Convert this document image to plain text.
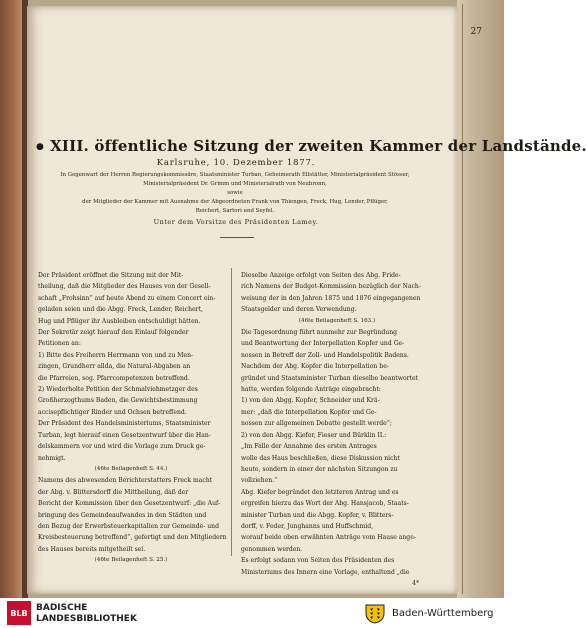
27
● XIII. öffentliche Sitzung der zweiten Kammer der Landstände.
Karlsruhe, 10. Dezember 1877.
In Gegenwart der Herren Regierungskommissäre, Staatsminister Turban, Geheimerath Ellstätter, Ministerialpräsident Stösser,
Ministerialpräsident Dr. Grimm und Ministerialrath von Neubronn,
sowie
der Mitglieder der Kammer mit Ausnahme der Abgeordneten Frank von Thiengen, Freck, Hug, Lender, Pflüger,
Reichert, Sartori und Seyfel.
Unter dem Vorsitze des Präsidenten Lamey.

Der Präsident eröffnet die Sitzung mit der Mit-

theilung, daß die Mitglieder des Hauses von der Gesell-

schaft „Frohsinn“ auf heute Abend zu einem Concert ein-

geladen seien und die Abgg. Freck, Lender, Reichert,

Hug und Pflüger ihr Ausbleiben entschuldigt hätten.

Der Sekretär zeigt hierauf den Einlauf folgender

Petitionen an:

1) Bitte des Freiherrn Herrmann von und zu Men-

zingen, Grundherr allda, die Natural-Abgaben an

die Pfarreien, sog. Pfarrcompetenzen betreffend.

2) Wiederholte Petition der Schmalviehmetzger des

Großherzogthums Baden, die Gewichtsbestimmung

accisepflichtiger Rinder und Ochsen betreffend.

Der Präsident des Handelsministeriums, Staatsminister

Turban, legt hierauf einen Gesetzentwurf über die Han-

delskammern vor und wird die Vorlage zum Druck ge-

nehmigt.

(46te Beilagenheft S. 44.)

Namens des abwesenden Berichterstatters Freck macht

der Abg. v. Blittersdorff die Mittheilung, daß der

Bericht der Kommission über den Gesetzentwurf: „die Auf-

bringung des Gemeindeaufwandes in den Städten und

den Bezug der Erwerbsteuerkapitalien zur Gemeinde- und

Kreisbesteuerung betreffend“, gefertigt und den Mitgliedern

des Hauses bereits mitgetheilt sei.

(46te Beilagenheft S. 25.)

Dieselbe Anzeige erfolgt von Seiten des Abg. Fride-

rich Namens der Budget-Kommission bezüglich der Nach-

weisung der in den Jahren 1875 und 1876 eingegangenen

Staatsgelder und deren Verwendung.

(46te Beilagenheft S. 163.)

Die Tagesordnung führt nunmehr zur Begründung

und Beantwortung der Interpellation Kopfer und Ge-

nossen in Betreff der Zoll- und Handelspolitik Badens.

Nachdem der Abg. Kopfer die Interpellation be-

gründet und Staatsminister Turban dieselbe beantwortet

hatte, werden folgende Anträge eingebracht:

1) von den Abgg. Kopfer, Schneider und Krä-

mer: „daß die Interpellation Kopfer und Ge-

nossen zur allgemeinen Debatte gestellt werde“;

2) von den Abgg. Kiefer, Fieser und Bürklin II.:

„Im Falle der Annahme des ersten Antrages

wolle das Haus beschließen, diese Diskussion nicht

heute, sondern in einer der nächsten Sitzungen zu

vollziehen.“

Abg. Kiefer begründet den letzteren Antrag und es

ergreifen hierzu das Wort der Abg. Hansjacob, Staats-

minister Turban und die Abgg. Kopfer, v. Blitters-

dorff, v. Feder, Junghanns und Huffschmid,

worauf beide oben erwähnten Anträge vom Hause ange-

genommen werden.

Es erfolgt sodann von Seiten des Präsidenten des

Ministeriums des Innern eine Vorlage, enthaltend „die

4*

BLB BADISCHE
LANDESBIBLIOTHEK	Baden-Württemberg
